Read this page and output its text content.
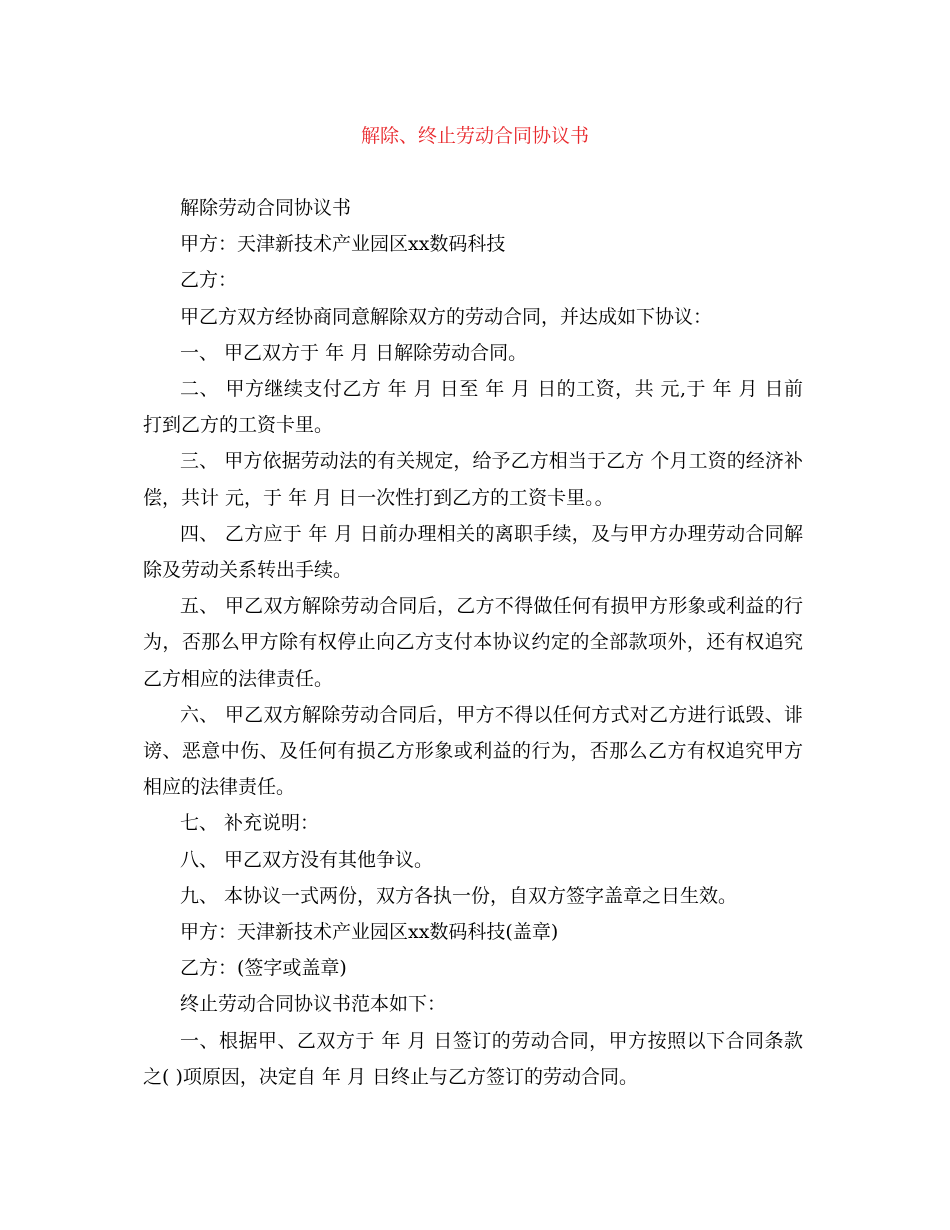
解除、终止劳动合同协议书

解除劳动合同协议书

甲方：天津新技术产业园区xx数码科技

乙方：

甲乙方双方经协商同意解除双方的劳动合同，并达成如下协议：

一、 甲乙双方于 年 月 日解除劳动合同。

二、 甲方继续支付乙方 年 月 日至 年 月 日的工资，共 元,于 年 月 日前打到乙方的工资卡里。

三、 甲方依据劳动法的有关规定，给予乙方相当于乙方 个月工资的经济补偿，共计 元，于 年 月 日一次性打到乙方的工资卡里。。

四、 乙方应于 年 月 日前办理相关的离职手续，及与甲方办理劳动合同解除及劳动关系转出手续。

五、 甲乙双方解除劳动合同后，乙方不得做任何有损甲方形象或利益的行为，否那么甲方除有权停止向乙方支付本协议约定的全部款项外，还有权追究乙方相应的法律责任。

六、 甲乙双方解除劳动合同后，甲方不得以任何方式对乙方进行诋毁、诽谤、恶意中伤、及任何有损乙方形象或利益的行为，否那么乙方有权追究甲方相应的法律责任。

七、 补充说明：

八、 甲乙双方没有其他争议。

九、 本协议一式两份，双方各执一份，自双方签字盖章之日生效。

甲方：天津新技术产业园区xx数码科技(盖章)

乙方：(签字或盖章)

终止劳动合同协议书范本如下：

一、根据甲、乙双方于 年 月 日签订的劳动合同，甲方按照以下合同条款之( )项原因，决定自 年 月 日终止与乙方签订的劳动合同。
